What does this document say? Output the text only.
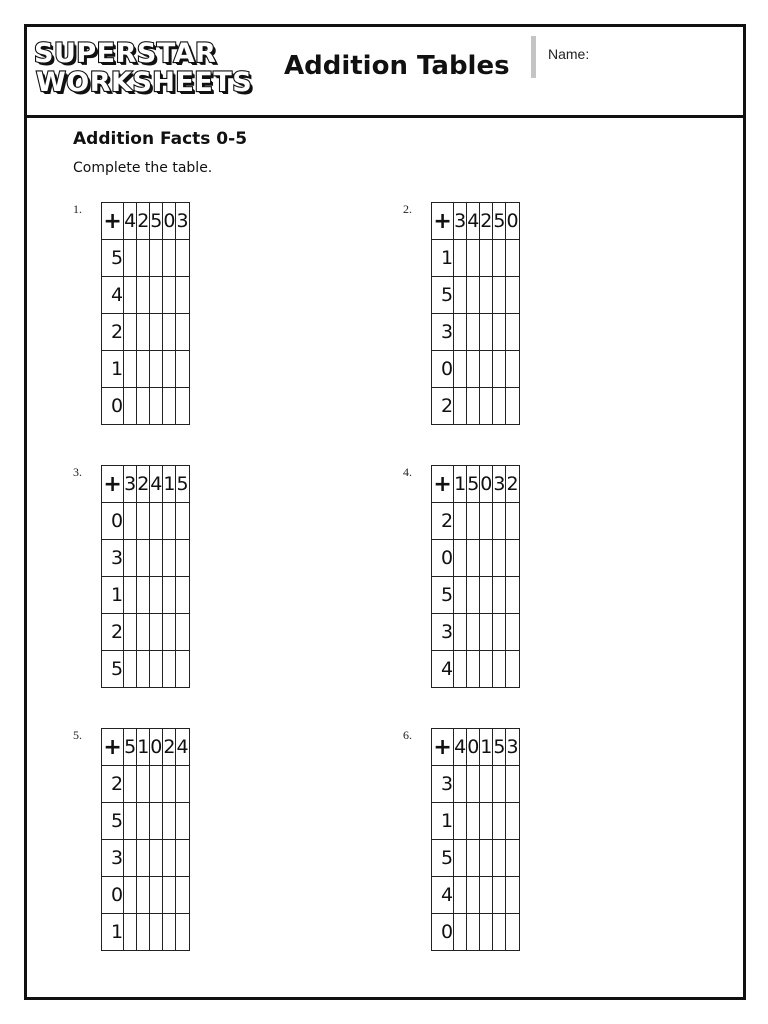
SUPERSTAR
WORKSHEETS
Addition Tables	Name:
Addition Facts 0-5
Complete the table.
1. +	4	2	5	0	3
5					
4					
2					
1					
0					
2. +	3	4	2	5	0
1					
5					
3					
0					
2					
3. +	3	2	4	1	5
0					
3					
1					
2					
5					
4. +	1	5	0	3	2
2					
0					
5					
3					
4					
5. +	5	1	0	2	4
2					
5					
3					
0					
1					
6. +	4	0	1	5	3
3					
1					
5					
4					
0					
